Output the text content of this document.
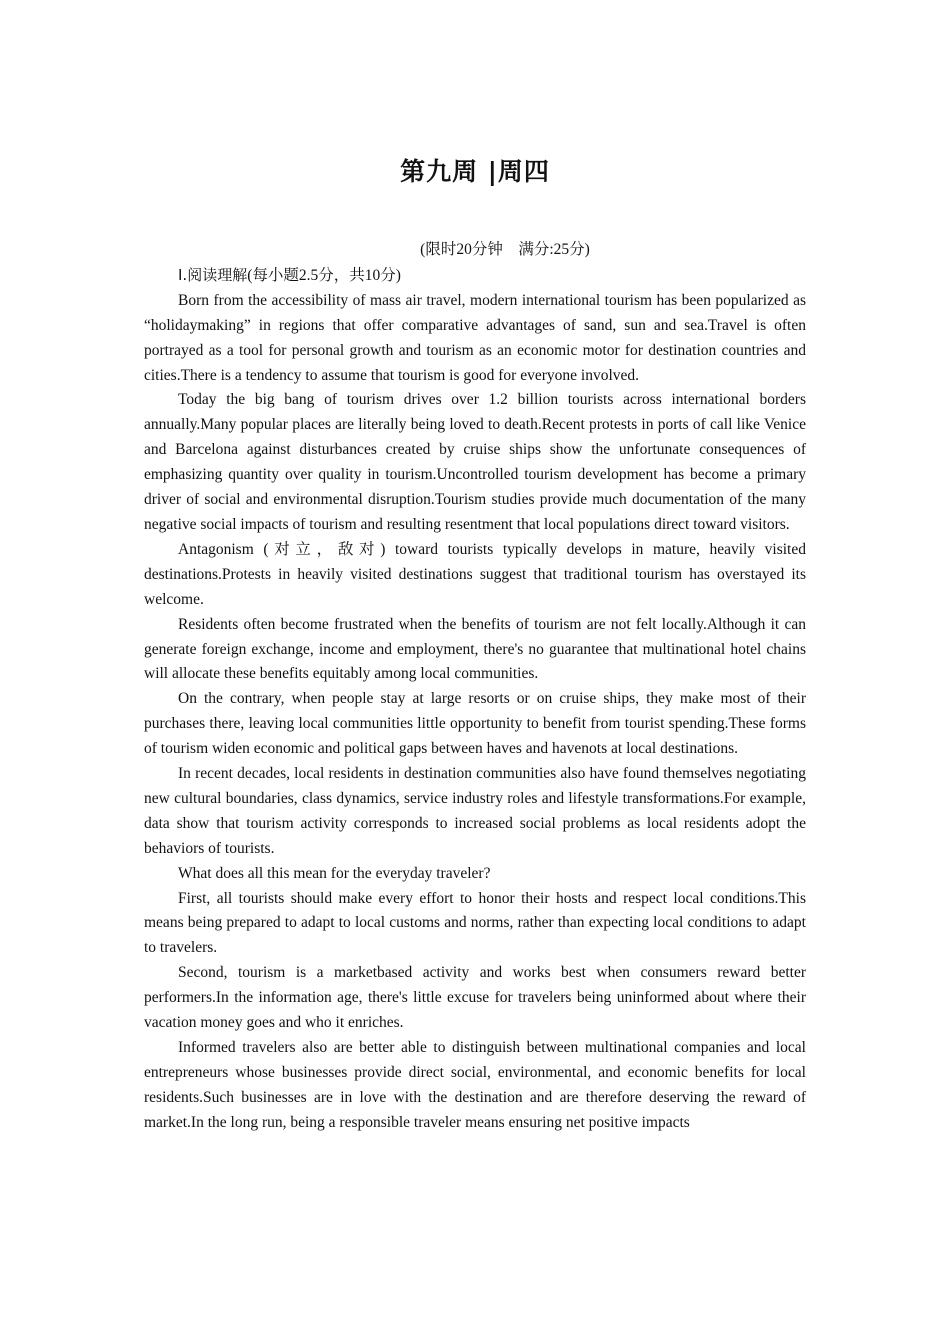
第九周 |周四
(限时20分钟　满分:25分)
Ⅰ.阅读理解(每小题2.5分，共10分)

Born from the accessibility of mass air travel, modern international tourism has been popularized as “holidaymaking” in regions that offer comparative advantages of sand, sun and sea.Travel is often portrayed as a tool for personal growth and tourism as an economic motor for destination countries and cities.There is a tendency to assume that tourism is good for everyone involved.

Today the big bang of tourism drives over 1.2 billion tourists across international borders annually.Many popular places are literally being loved to death.Recent protests in ports of call like Venice and Barcelona against disturbances created by cruise ships show the unfortunate consequences of emphasizing quantity over quality in tourism.Uncontrolled tourism development has become a primary driver of social and environmental disruption.Tourism studies provide much documentation of the many negative social impacts of tourism and resulting resentment that local populations direct toward visitors.

Antagonism (对立，敌对) toward tourists typically develops in mature, heavily visited destinations.Protests in heavily visited destinations suggest that traditional tourism has overstayed its welcome.

Residents often become frustrated when the benefits of tourism are not felt locally.Although it can generate foreign exchange, income and employment, there's no guarantee that multinational hotel chains will allocate these benefits equitably among local communities.

On the contrary, when people stay at large resorts or on cruise ships, they make most of their purchases there, leaving local communities little opportunity to benefit from tourist spending.These forms of tourism widen economic and political gaps between haves and havenots at local destinations.

In recent decades, local residents in destination communities also have found themselves negotiating new cultural boundaries, class dynamics, service industry roles and lifestyle transformations.For example, data show that tourism activity corresponds to increased social problems as local residents adopt the behaviors of tourists.

What does all this mean for the everyday traveler?

First, all tourists should make every effort to honor their hosts and respect local conditions.This means being prepared to adapt to local customs and norms, rather than expecting local conditions to adapt to travelers.

Second, tourism is a marketbased activity and works best when consumers reward better performers.In the information age, there's little excuse for travelers being uninformed about where their vacation money goes and who it enriches.

Informed travelers also are better able to distinguish between multinational companies and local entrepreneurs whose businesses provide direct social, environmental, and economic benefits for local residents.Such businesses are in love with the destination and are therefore deserving the reward of market.In the long run, being a responsible traveler means ensuring net positive impacts
